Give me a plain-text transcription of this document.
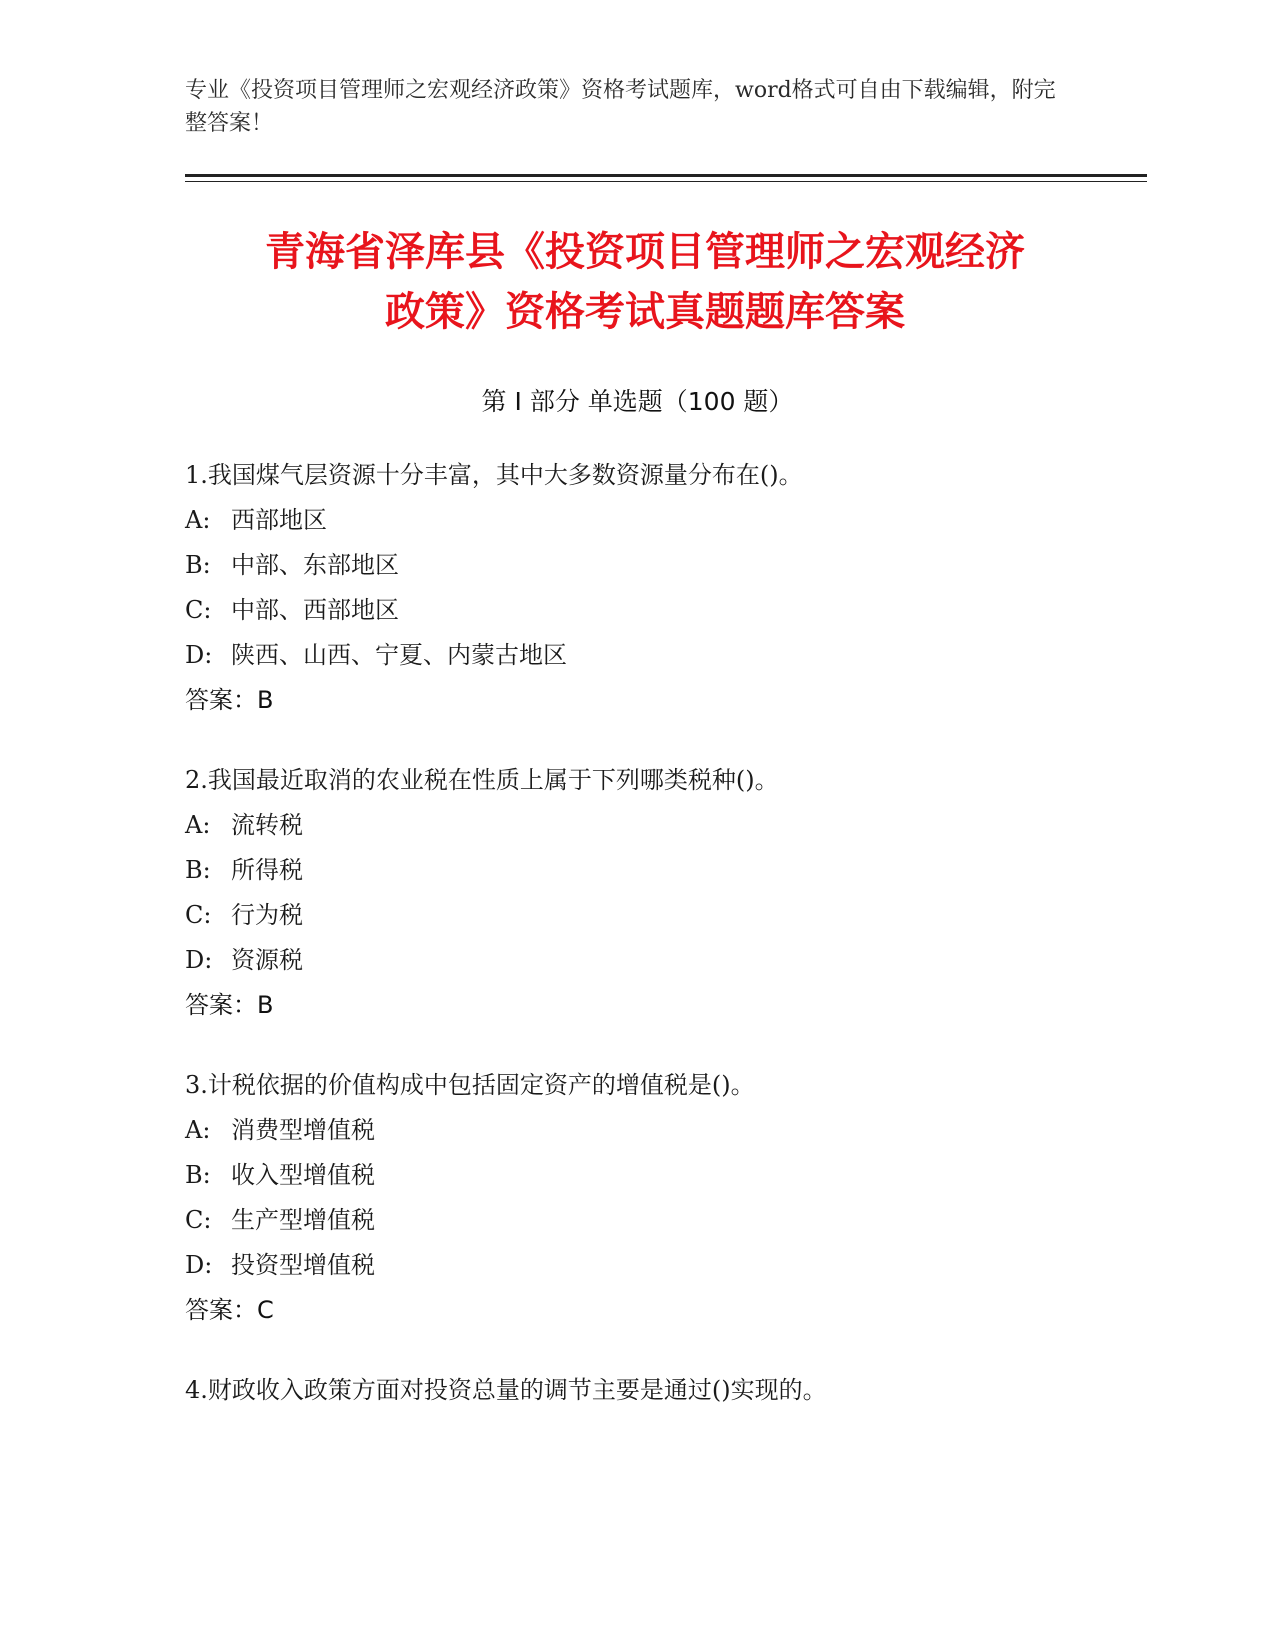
专业《投资项目管理师之宏观经济政策》资格考试题库，word格式可自由下载编辑，附完整答案！
青海省泽库县《投资项目管理师之宏观经济
政策》资格考试真题题库答案
第 I 部分 单选题（100 题）
1.我国煤气层资源十分丰富，其中大多数资源量分布在()。
A: 西部地区
B: 中部、东部地区
C: 中部、西部地区
D: 陕西、山西、宁夏、内蒙古地区
答案：B
2.我国最近取消的农业税在性质上属于下列哪类税种()。
A: 流转税
B: 所得税
C: 行为税
D: 资源税
答案：B
3.计税依据的价值构成中包括固定资产的增值税是()。
A: 消费型增值税
B: 收入型增值税
C: 生产型增值税
D: 投资型增值税
答案：C
4.财政收入政策方面对投资总量的调节主要是通过()实现的。
